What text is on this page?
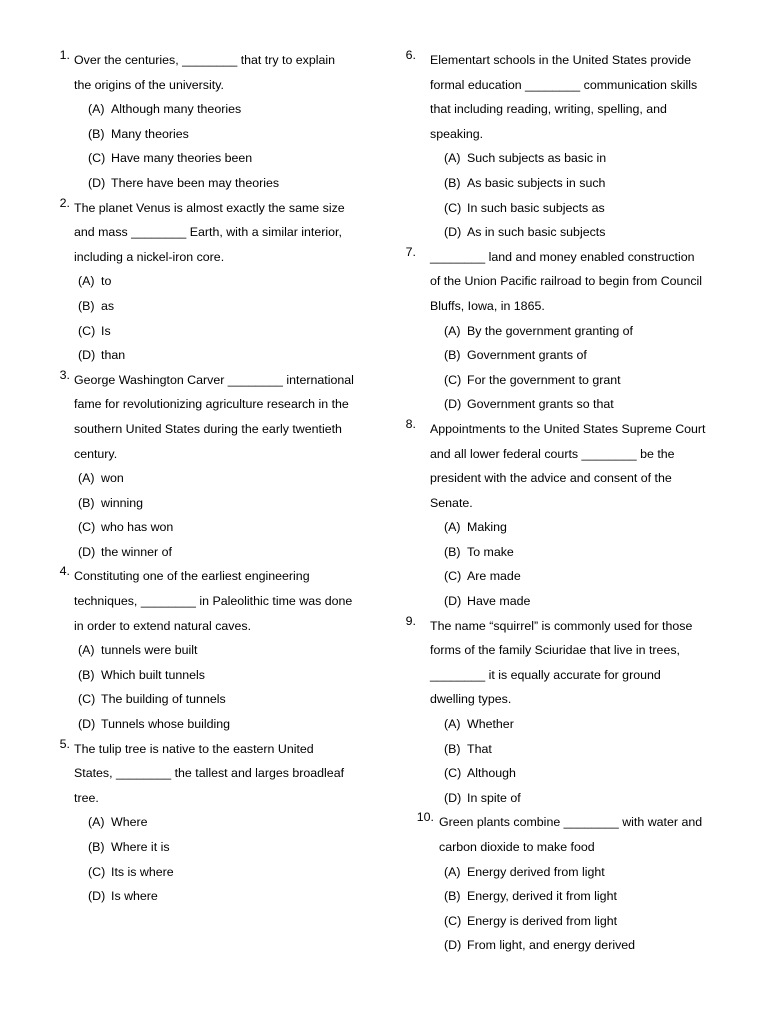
1. Over the centuries, ________ that try to explain
the origins of the university.
(A) Although many theories
(B) Many theories
(C) Have many theories been
(D) There have been may theories
2. The planet Venus is almost exactly the same size
and mass ________ Earth, with a similar interior,
including a nickel-iron core.
(A) to
(B) as
(C) Is
(D) than
3. George Washington Carver ________ international
fame for revolutionizing agriculture research in the
southern United States during the early twentieth
century.
(A) won
(B) winning
(C) who has won
(D) the winner of
4. Constituting one of the earliest engineering
techniques, ________ in Paleolithic time was done
in order to extend natural caves.
(A) tunnels were built
(B) Which built tunnels
(C) The building of tunnels
(D) Tunnels whose building
5. The tulip tree is native to the eastern United
States, ________ the tallest and larges broadleaf
tree.
(A) Where
(B) Where it is
(C) Its is where
(D) Is where
6. Elementart schools in the United States provide
formal education ________ communication skills
that including reading, writing, spelling, and
speaking.
(A) Such subjects as basic in
(B) As basic subjects in such
(C) In such basic subjects as
(D) As in such basic subjects
7. ________ land and money enabled construction
of the Union Pacific railroad to begin from Council
Bluffs, Iowa, in 1865.
(A) By the government granting of
(B) Government grants of
(C) For the government to grant
(D) Government grants so that
8. Appointments to the United States Supreme Court
and all lower federal courts ________ be the
president with the advice and consent of the
Senate.
(A) Making
(B) To make
(C) Are made
(D) Have made
9. The name “squirrel” is commonly used for those
forms of the family Sciuridae that live in trees,
________ it is equally accurate for ground
dwelling types.
(A) Whether
(B) That
(C) Although
(D) In spite of
10. Green plants combine ________ with water and
carbon dioxide to make food
(A) Energy derived from light
(B) Energy, derived it from light
(C) Energy is derived from light
(D) From light, and energy derived
